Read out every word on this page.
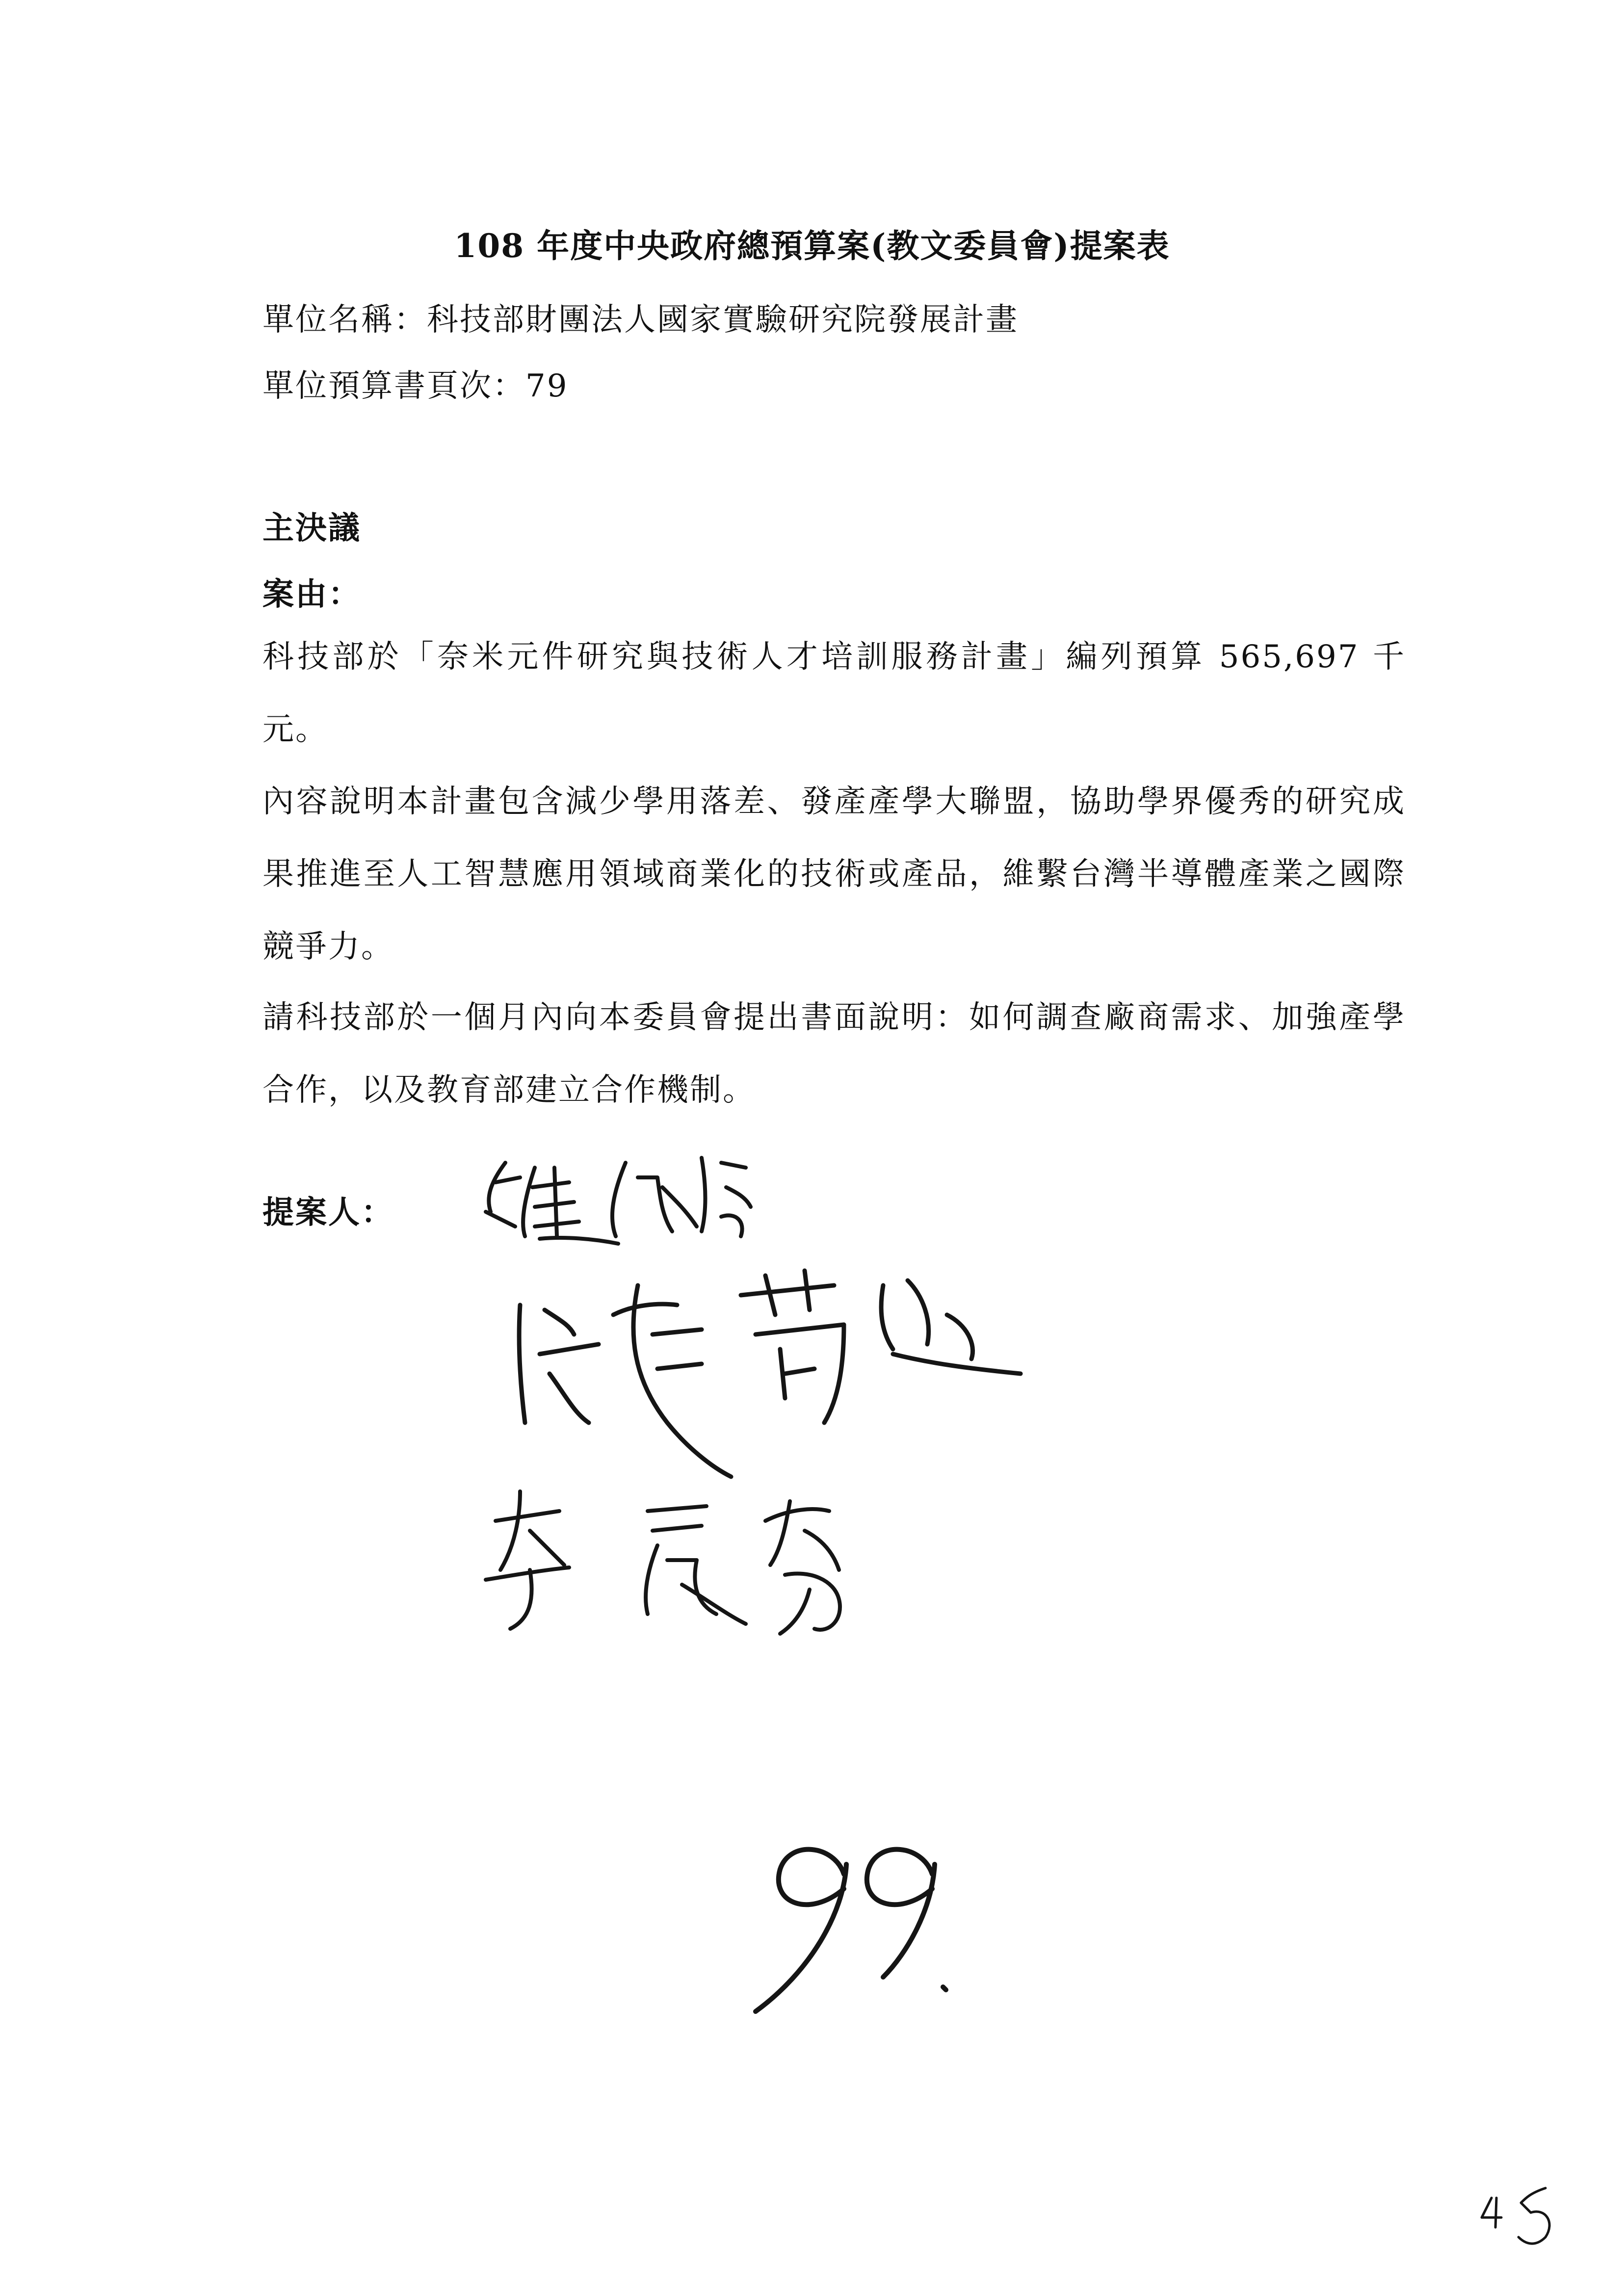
108 年度中央政府總預算案(教文委員會)提案表
單位名稱：科技部財團法人國家實驗研究院發展計畫
單位預算書頁次：79
主決議
案由：
科技部於「奈米元件研究與技術人才培訓服務計畫」編列預算 565,697 千元。
內容說明本計畫包含減少學用落差、發產產學大聯盟，協助學界優秀的研究成果推進至人工智慧應用領域商業化的技術或產品，維繫台灣半導體產業之國際競爭力。
請科技部於一個月內向本委員會提出書面說明：如何調查廠商需求、加強產學合作，以及教育部建立合作機制。
提案人：
